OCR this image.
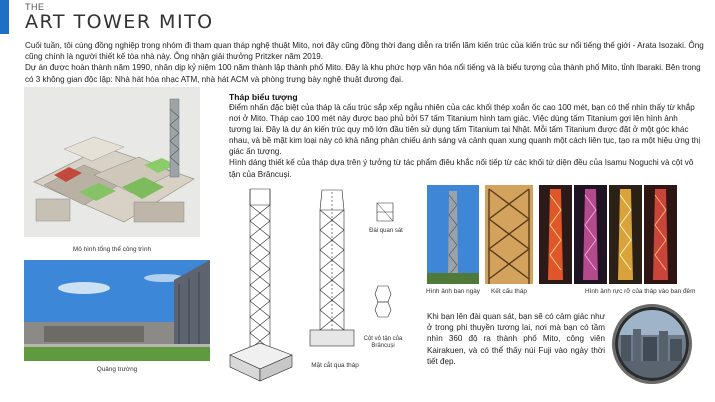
THE
ART TOWER MITO

Cuối tuần, tôi cùng đồng nghiệp trong nhóm đi tham quan tháp nghệ thuật Mito, nơi đây cũng đồng thời đang diễn ra triển lãm kiến trúc của kiến trúc sư nổi tiếng thế giới - Arata Isozaki. Ông cũng chính là người thiết kế tòa nhà này. Ông nhận giải thưởng Pritzker năm 2019.

Dự án được hoàn thành năm 1990, nhân dịp kỷ niệm 100 năm thành lập thành phố Mito. Đây là khu phức hợp văn hóa nổi tiếng và là biểu tượng của thành phố Mito, tỉnh Ibaraki. Bên trong có 3 không gian độc lập: Nhà hát hòa nhạc ATM, nhà hát ACM và phòng trưng bày nghệ thuật đương đại.

Mô hình tổng thể công trình
Quảng trường
Tháp biểu tượng

Điểm nhấn đặc biệt của tháp là cấu trúc sắp xếp ngẫu nhiên của các khối thép xoắn ốc cao 100 mét, bạn có thể nhìn thấy từ khắp nơi ở Mito. Tháp cao 100 mét này được bao phủ bởi 57 tấm Titanium hình tam giác. Việc dùng tấm Titanium gợi lên hình ảnh tương lai. Đây là dự án kiến trúc quy mô lớn đầu tiên sử dụng tấm Titanium tại Nhật. Mỗi tấm Titanium được đặt ở một góc khác nhau, và bề mặt kim loại này có khả năng phản chiếu ánh sáng và cảnh quan xung quanh một cách liên tục, tạo ra một hiệu ứng thị giác ấn tượng.

Hình dáng thiết kế của tháp dựa trên ý tưởng từ tác phẩm điêu khắc nối tiếp từ các khối tứ diện đều của Isamu Noguchi và cột vô tận của Brâncuși.

Mặt cắt qua tháp
Đài quan sát
Cột vô tận của
Brâncuși
Hình ảnh ban ngày	Kết cấu tháp	Hình ảnh rực rỡ của tháp vào ban đêm
Khi bạn lên đài quan sát, bạn sẽ có cảm giác như ở trong phi thuyền tương lai, nơi mà bạn có tầm nhìn 360 độ ra thành phố Mito, công viên Kairakuen, và có thể thấy núi Fuji vào ngày thời tiết đẹp.
